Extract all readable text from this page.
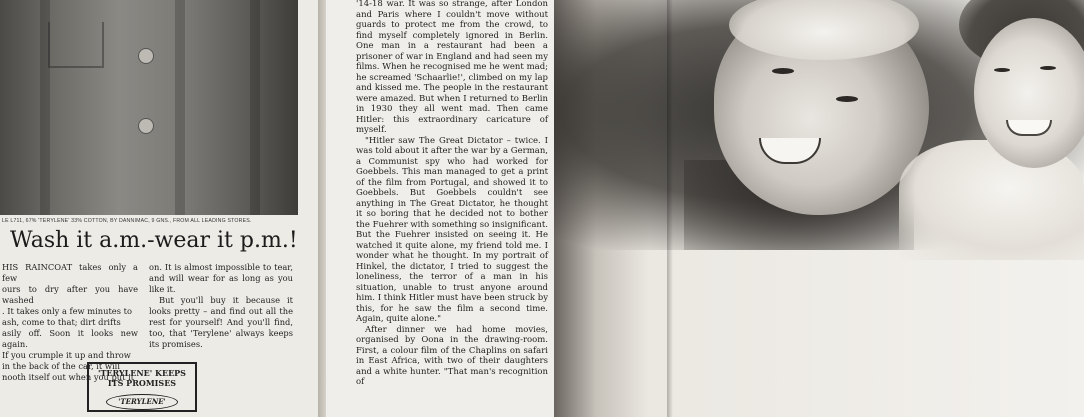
LE L711, 67% 'TERYLENE' 33% COTTON, BY DANNIMAC, 9 GNS., FROM ALL LEADING STORES.
Wash it a.m.-wear it p.m.!

HIS RAINCOAT takes only a few

ours to dry after you have washed

. It takes only a few minutes to

ash, come to that; dirt drifts

asily off. Soon it looks new again.

If you crumple it up and throw

in the back of the car, it will

nooth itself out when you put it

on. It is almost impossible to tear, and will wear for as long as you like it.

But you'll buy it because it looks pretty – and find out all the rest for yourself! And you'll find, too, that 'Terylene' always keeps its promises.

'TERYLENE' KEEPS
ITS PROMISES
'TERYLENE'

'14-18 war. It was so strange, after London and Paris where I couldn't move without guards to protect me from the crowd, to find myself completely ignored in Berlin. One man in a restaurant had been a prisoner of war in England and had seen my films. When he recognised me he went mad; he screamed 'Schaarlie!', climbed on my lap and kissed me. The people in the restaurant were amazed. But when I returned to Berlin in 1930 they all went mad. Then came Hitler: this extraordinary caricature of myself.

"Hitler saw The Great Dictator – twice. I was told about it after the war by a German, a Communist spy who had worked for Goebbels. This man managed to get a print of the film from Portugal, and showed it to Goebbels. But Goebbels couldn't see anything in The Great Dictator, he thought it so boring that he decided not to bother the Fuehrer with something so insignificant. But the Fuehrer insisted on seeing it. He watched it quite alone, my friend told me. I wonder what he thought. In my portrait of Hinkel, the dictator, I tried to suggest the loneliness, the terror of a man in his situation, unable to trust anyone around him. I think Hitler must have been struck by this, for he saw the film a second time. Again, quite alone."

After dinner we had home movies, organised by Oona in the drawing-room. First, a colour film of the Chaplins on safari in East Africa, with two of their daughters and a white hunter. "That man's recognition of
